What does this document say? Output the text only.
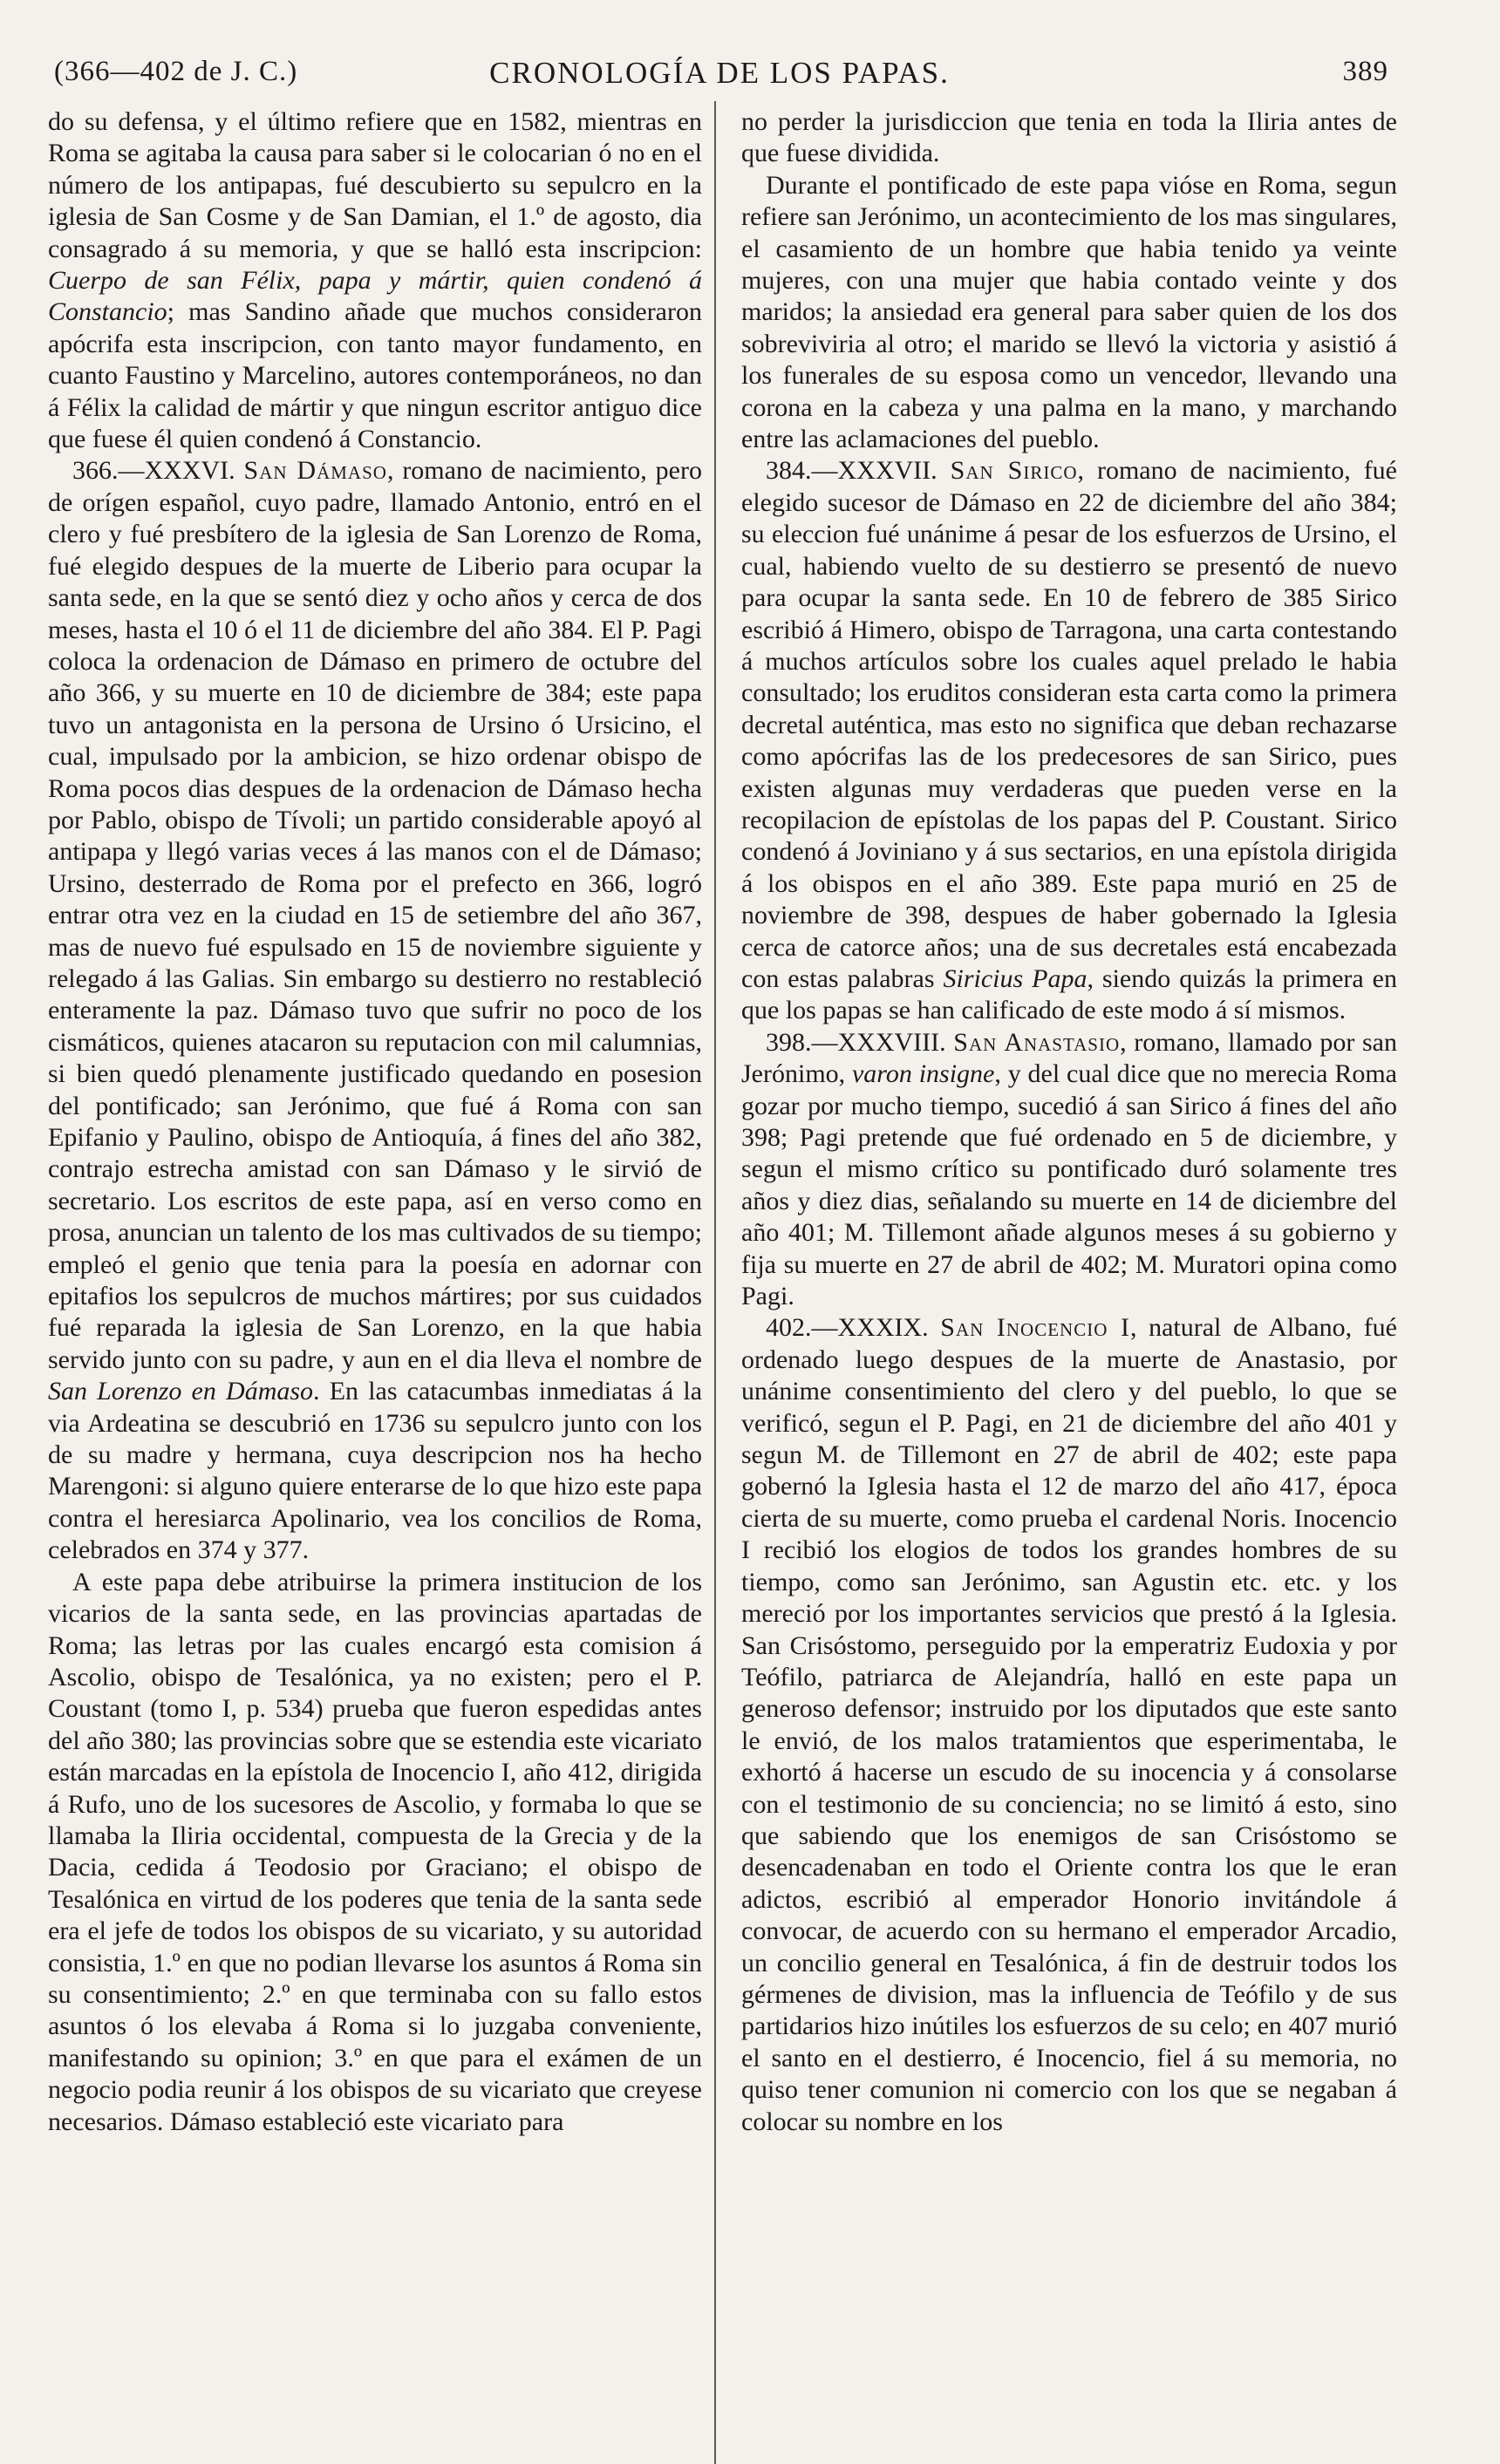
(366—402 de J. C.)	CRONOLOGÍA DE LOS PAPAS.	389

do su defensa, y el último refiere que en 1582, mientras en Roma se agitaba la causa para saber si le colocarian ó no en el número de los antipapas, fué descubierto su sepulcro en la iglesia de San Cosme y de San Damian, el 1.º de agosto, dia consagrado á su memoria, y que se halló esta inscripcion: Cuerpo de san Félix, papa y mártir, quien condenó á Constancio; mas Sandino añade que muchos consideraron apócrifa esta inscripcion, con tanto mayor fundamento, en cuanto Faustino y Marcelino, autores contemporáneos, no dan á Félix la calidad de mártir y que ningun escritor antiguo dice que fuese él quien condenó á Constancio.

366.—XXXVI. San Dámaso, romano de nacimiento, pero de orígen español, cuyo padre, llamado Antonio, entró en el clero y fué presbítero de la iglesia de San Lorenzo de Roma, fué elegido despues de la muerte de Liberio para ocupar la santa sede, en la que se sentó diez y ocho años y cerca de dos meses, hasta el 10 ó el 11 de diciembre del año 384. El P. Pagi coloca la ordenacion de Dámaso en primero de octubre del año 366, y su muerte en 10 de diciembre de 384; este papa tuvo un antagonista en la persona de Ursino ó Ursicino, el cual, impulsado por la ambicion, se hizo ordenar obispo de Roma pocos dias despues de la ordenacion de Dámaso hecha por Pablo, obispo de Tívoli; un partido considerable apoyó al antipapa y llegó varias veces á las manos con el de Dámaso; Ursino, desterrado de Roma por el prefecto en 366, logró entrar otra vez en la ciudad en 15 de setiembre del año 367, mas de nuevo fué espulsado en 15 de noviembre siguiente y relegado á las Galias. Sin embargo su destierro no restableció enteramente la paz. Dámaso tuvo que sufrir no poco de los cismáticos, quienes atacaron su reputacion con mil calumnias, si bien quedó plenamente justificado quedando en posesion del pontificado; san Jerónimo, que fué á Roma con san Epifanio y Paulino, obispo de Antioquía, á fines del año 382, contrajo estrecha amistad con san Dámaso y le sirvió de secretario. Los escritos de este papa, así en verso como en prosa, anuncian un talento de los mas cultivados de su tiempo; empleó el genio que tenia para la poesía en adornar con epitafios los sepulcros de muchos mártires; por sus cuidados fué reparada la iglesia de San Lorenzo, en la que habia servido junto con su padre, y aun en el dia lleva el nombre de San Lorenzo en Dámaso. En las catacumbas inmediatas á la via Ardeatina se descubrió en 1736 su sepulcro junto con los de su madre y hermana, cuya descripcion nos ha hecho Marengoni: si alguno quiere enterarse de lo que hizo este papa contra el heresiarca Apolinario, vea los concilios de Roma, celebrados en 374 y 377.

A este papa debe atribuirse la primera institucion de los vicarios de la santa sede, en las provincias apartadas de Roma; las letras por las cuales encargó esta comision á Ascolio, obispo de Tesalónica, ya no existen; pero el P. Coustant (tomo I, p. 534) prueba que fueron espedidas antes del año 380; las provincias sobre que se estendia este vicariato están marcadas en la epístola de Inocencio I, año 412, dirigida á Rufo, uno de los sucesores de Ascolio, y formaba lo que se llamaba la Iliria occidental, compuesta de la Grecia y de la Dacia, cedida á Teodosio por Graciano; el obispo de Tesalónica en virtud de los poderes que tenia de la santa sede era el jefe de todos los obispos de su vicariato, y su autoridad consistia, 1.º en que no podian llevarse los asuntos á Roma sin su consentimiento; 2.º en que terminaba con su fallo estos asuntos ó los elevaba á Roma si lo juzgaba conveniente, manifestando su opinion; 3.º en que para el exámen de un negocio podia reunir á los obispos de su vicariato que creyese necesarios. Dámaso estableció este vicariato para

no perder la jurisdiccion que tenia en toda la Iliria antes de que fuese dividida.

Durante el pontificado de este papa vióse en Roma, segun refiere san Jerónimo, un acontecimiento de los mas singulares, el casamiento de un hombre que habia tenido ya veinte mujeres, con una mujer que habia contado veinte y dos maridos; la ansiedad era general para saber quien de los dos sobreviviria al otro; el marido se llevó la victoria y asistió á los funerales de su esposa como un vencedor, llevando una corona en la cabeza y una palma en la mano, y marchando entre las aclamaciones del pueblo.

384.—XXXVII. San Sirico, romano de nacimiento, fué elegido sucesor de Dámaso en 22 de diciembre del año 384; su eleccion fué unánime á pesar de los esfuerzos de Ursino, el cual, habiendo vuelto de su destierro se presentó de nuevo para ocupar la santa sede. En 10 de febrero de 385 Sirico escribió á Himero, obispo de Tarragona, una carta contestando á muchos artículos sobre los cuales aquel prelado le habia consultado; los eruditos consideran esta carta como la primera decretal auténtica, mas esto no significa que deban rechazarse como apócrifas las de los predecesores de san Sirico, pues existen algunas muy verdaderas que pueden verse en la recopilacion de epístolas de los papas del P. Coustant. Sirico condenó á Joviniano y á sus sectarios, en una epístola dirigida á los obispos en el año 389. Este papa murió en 25 de noviembre de 398, despues de haber gobernado la Iglesia cerca de catorce años; una de sus decretales está encabezada con estas palabras Siricius Papa, siendo quizás la primera en que los papas se han calificado de este modo á sí mismos.

398.—XXXVIII. San Anastasio, romano, llamado por san Jerónimo, varon insigne, y del cual dice que no merecia Roma gozar por mucho tiempo, sucedió á san Sirico á fines del año 398; Pagi pretende que fué ordenado en 5 de diciembre, y segun el mismo crítico su pontificado duró solamente tres años y diez dias, señalando su muerte en 14 de diciembre del año 401; M. Tillemont añade algunos meses á su gobierno y fija su muerte en 27 de abril de 402; M. Muratori opina como Pagi.

402.—XXXIX. San Inocencio I, natural de Albano, fué ordenado luego despues de la muerte de Anastasio, por unánime consentimiento del clero y del pueblo, lo que se verificó, segun el P. Pagi, en 21 de diciembre del año 401 y segun M. de Tillemont en 27 de abril de 402; este papa gobernó la Iglesia hasta el 12 de marzo del año 417, época cierta de su muerte, como prueba el cardenal Noris. Inocencio I recibió los elogios de todos los grandes hombres de su tiempo, como san Jerónimo, san Agustin etc. etc. y los mereció por los importantes servicios que prestó á la Iglesia. San Crisóstomo, perseguido por la emperatriz Eudoxia y por Teófilo, patriarca de Alejandría, halló en este papa un generoso defensor; instruido por los diputados que este santo le envió, de los malos tratamientos que esperimentaba, le exhortó á hacerse un escudo de su inocencia y á consolarse con el testimonio de su conciencia; no se limitó á esto, sino que sabiendo que los enemigos de san Crisóstomo se desencadenaban en todo el Oriente contra los que le eran adictos, escribió al emperador Honorio invitándole á convocar, de acuerdo con su hermano el emperador Arcadio, un concilio general en Tesalónica, á fin de destruir todos los gérmenes de division, mas la influencia de Teófilo y de sus partidarios hizo inútiles los esfuerzos de su celo; en 407 murió el santo en el destierro, é Inocencio, fiel á su memoria, no quiso tener comunion ni comercio con los que se negaban á colocar su nombre en los
